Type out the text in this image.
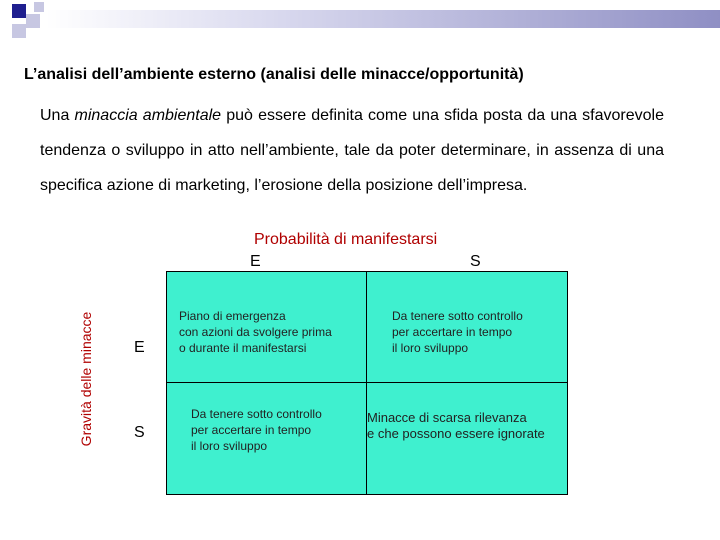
L’analisi dell’ambiente esterno (analisi delle minacce/opportunità)
Una minaccia ambientale può essere definita come una sfida posta da una sfavorevole tendenza o sviluppo in atto nell’ambiente, tale da poter determinare, in assenza di una specifica azione di marketing, l’erosione della posizione dell’impresa.
Probabilità di manifestarsi
E	S
Gravità delle minacce	E
S
Piano di emergenza
con azioni da svolgere prima
o durante il manifestarsi
Da tenere sotto controllo
per accertare in tempo
il loro sviluppo
Da tenere sotto controllo
per accertare in tempo
il loro sviluppo
Minacce di scarsa rilevanza
e che possono essere ignorate
